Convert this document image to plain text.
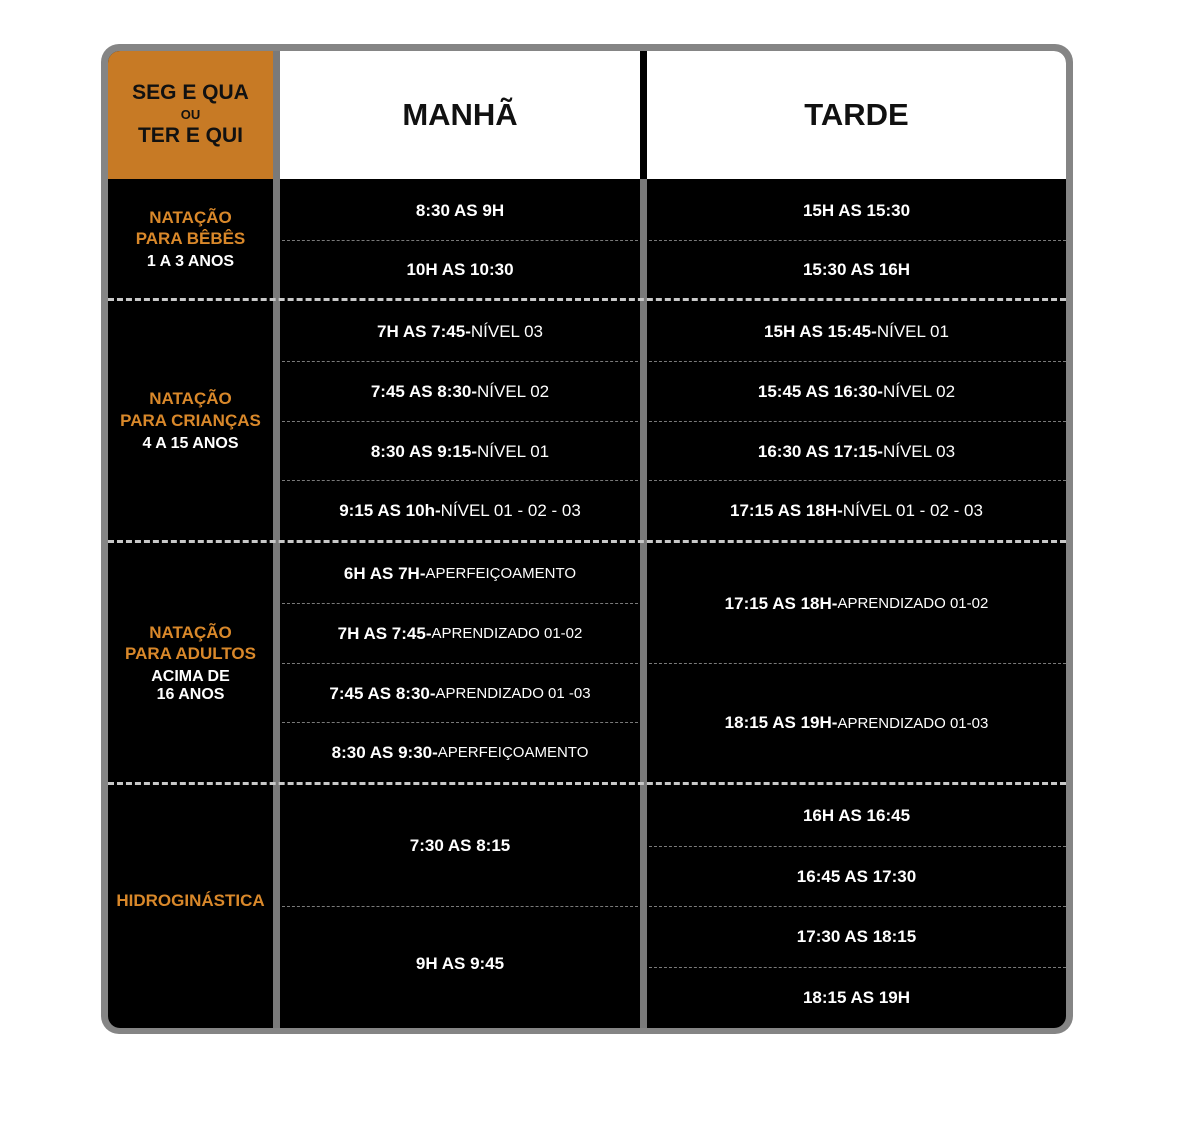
SEG E QUA
OU
TER E QUI
MANHÃ	TARDE
NATAÇÃO
PARA BÊBÊS
1 A 3 ANOS
8:30 AS 9H
10H AS 10:30
15H AS 15:30
15:30 AS 16H
NATAÇÃO
PARA CRIANÇAS
4 A 15 ANOS
7H AS 7:45 - NÍVEL 03
7:45 AS 8:30 - NÍVEL 02
8:30 AS 9:15 - NÍVEL 01
9:15 AS 10h - NÍVEL 01 - 02 - 03
15H AS 15:45 - NÍVEL 01
15:45 AS 16:30 - NÍVEL 02
16:30 AS 17:15 - NÍVEL 03
17:15 AS 18H - NÍVEL 01 - 02 - 03
NATAÇÃO
PARA ADULTOS
ACIMA DE
16 ANOS
6H AS 7H - APERFEIÇOAMENTO
7H AS 7:45 - APRENDIZADO 01-02
7:45 AS 8:30 - APRENDIZADO 01 -03
8:30 AS 9:30 - APERFEIÇOAMENTO
17:15 AS 18H - APRENDIZADO 01-02
18:15 AS 19H - APRENDIZADO 01-03
HIDROGINÁSTICA
7:30 AS 8:15
9H AS 9:45
16H AS 16:45
16:45 AS 17:30
17:30 AS 18:15
18:15 AS 19H
